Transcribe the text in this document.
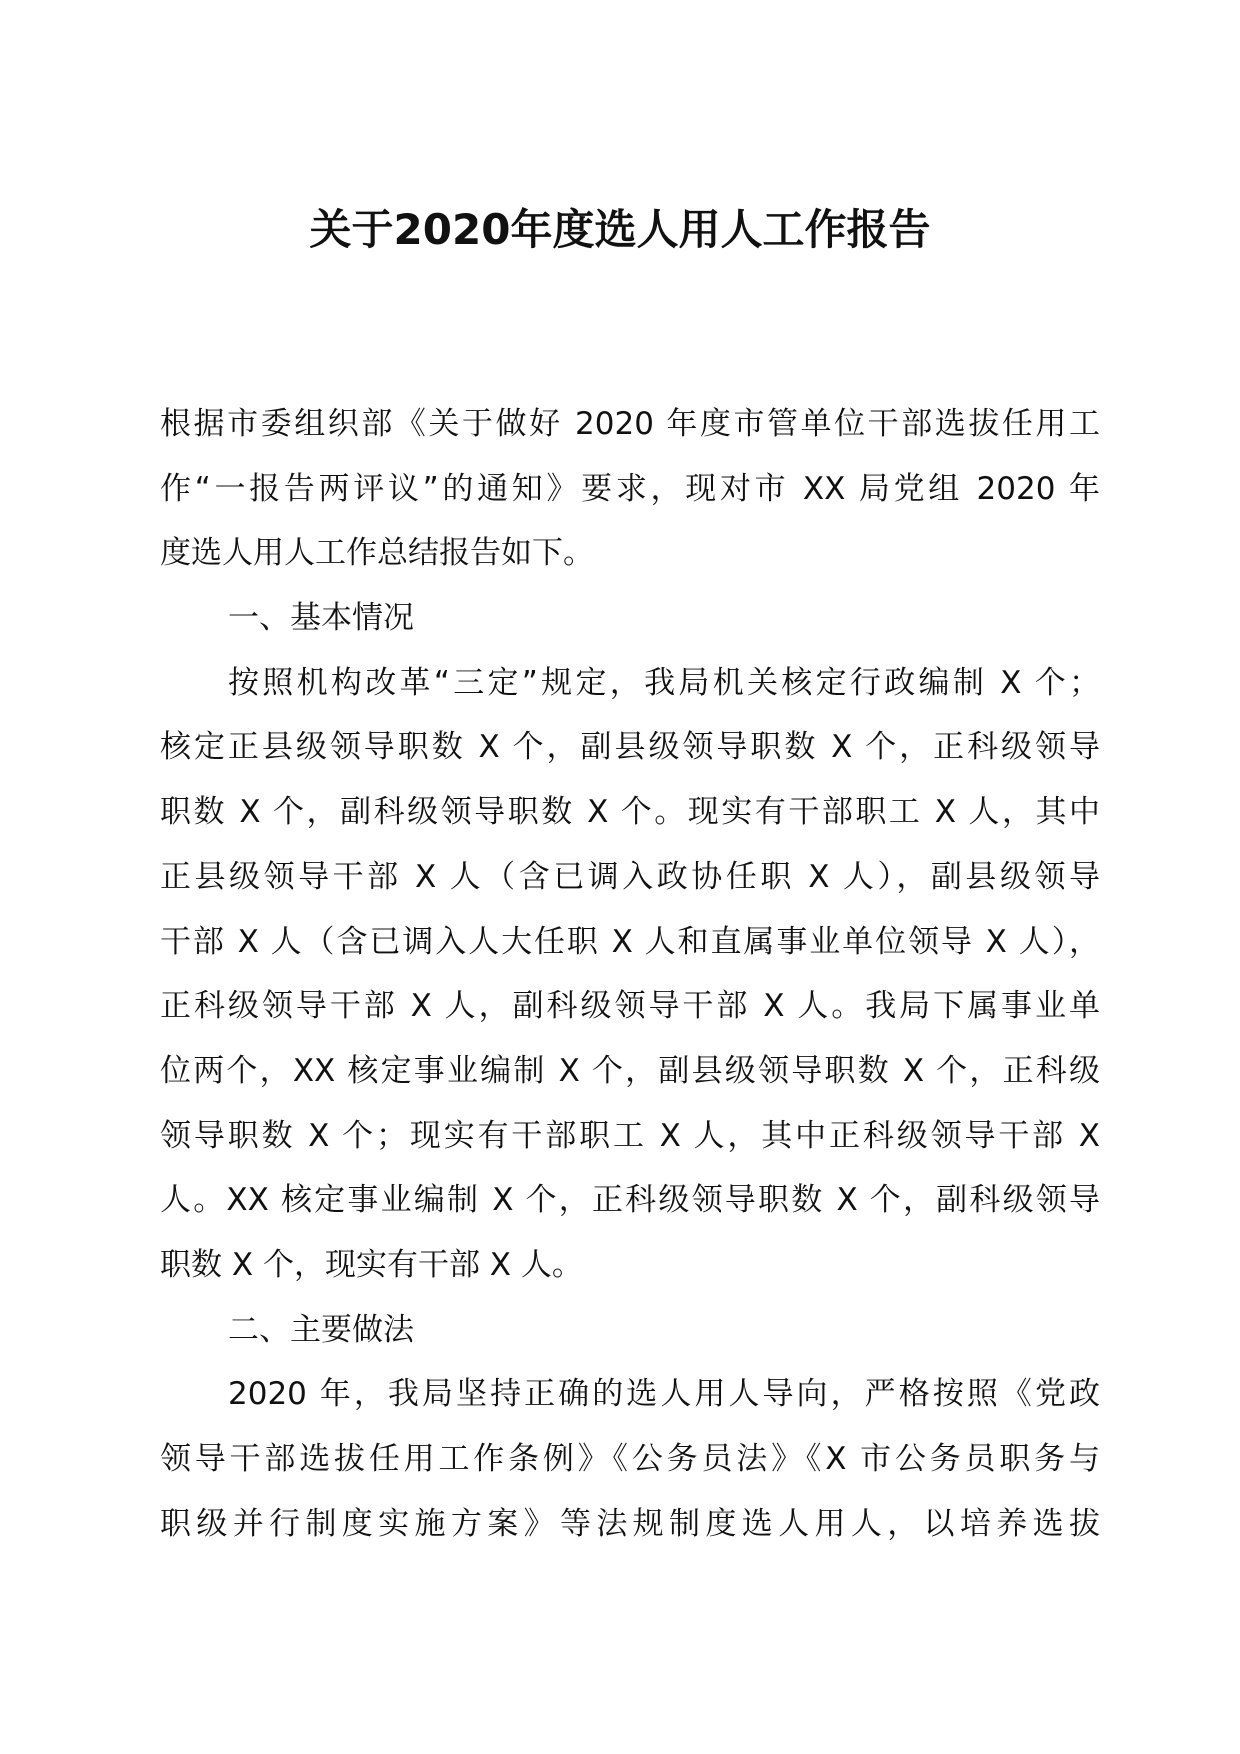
关于2020年度选人用人工作报告
根据市委组织部《关于做好 2020 年度市管单位干部选拔任用工
作“一报告两评议”的通知》要求，现对市 XX 局党组 2020 年
度选人用人工作总结报告如下。
一、基本情况
按照机构改革“三定”规定，我局机关核定行政编制 X 个；
核定正县级领导职数 X 个，副县级领导职数 X 个，正科级领导
职数 X 个，副科级领导职数 X 个。现实有干部职工 X 人，其中
正县级领导干部 X 人（含已调入政协任职 X 人），副县级领导
干部 X 人（含已调入人大任职 X 人和直属事业单位领导 X 人），
正科级领导干部 X 人，副科级领导干部 X 人。我局下属事业单
位两个，XX 核定事业编制 X 个，副县级领导职数 X 个，正科级
领导职数 X 个；现实有干部职工 X 人，其中正科级领导干部 X
人。XX 核定事业编制 X 个，正科级领导职数 X 个，副科级领导
职数 X 个，现实有干部 X 人。
二、主要做法
2020 年，我局坚持正确的选人用人导向，严格按照《党政
领导干部选拔任用工作条例》《公务员法》《X 市公务员职务与
职级并行制度实施方案》等法规制度选人用人，以培养选拔
